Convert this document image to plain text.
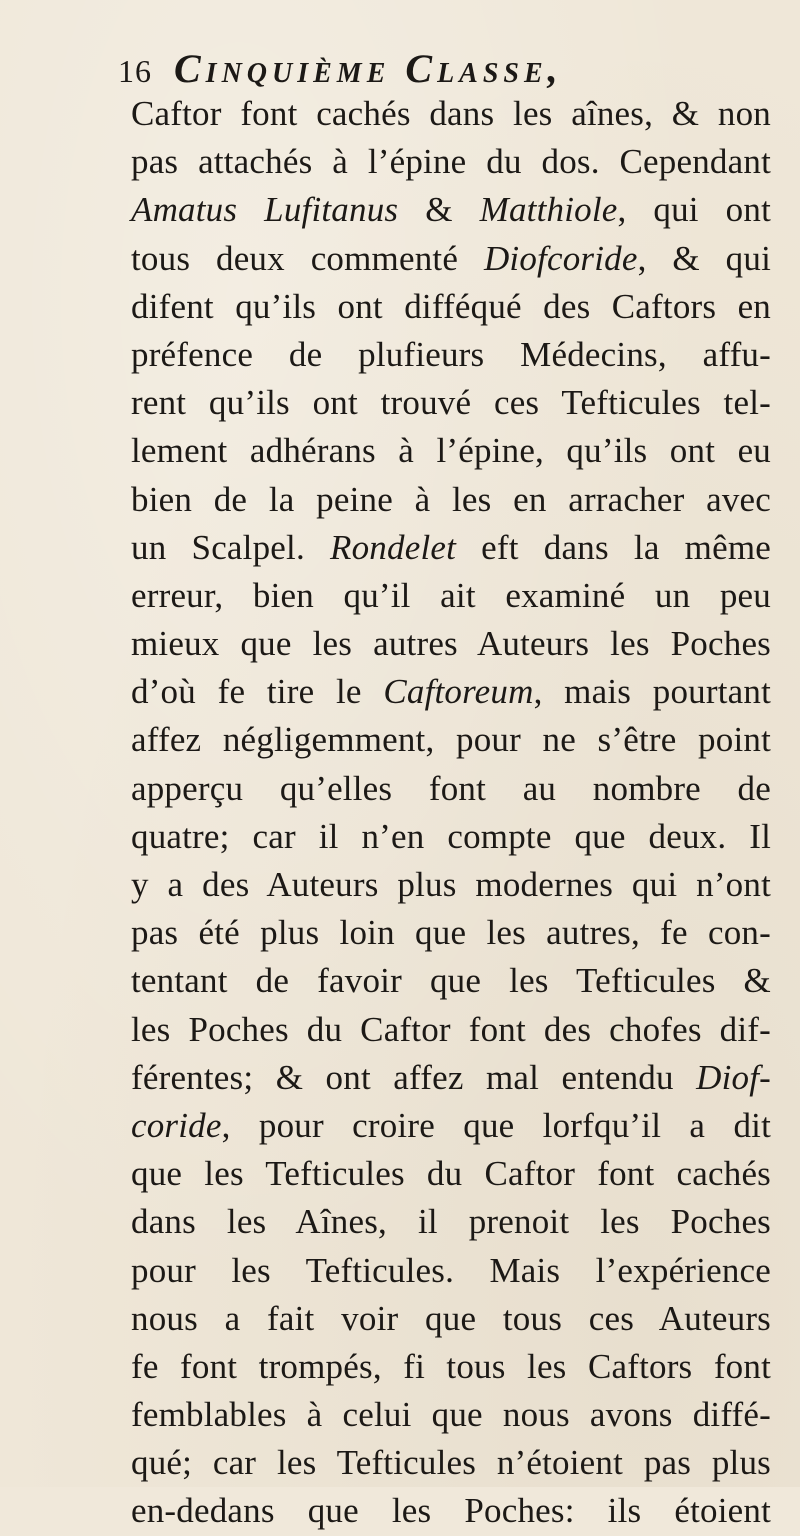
16 Cinquième Classe,
Caftor font cachés dans les aînes, & non
pas attachés à l’épine du dos. Cependant
Amatus Lufitanus & Matthiole, qui ont
tous deux commenté Diofcoride, & qui
difent qu’ils ont difféqué des Caftors en
préfence de plufieurs Médecins, affu-
rent qu’ils ont trouvé ces Tefticules tel-
lement adhérans à l’épine, qu’ils ont eu
bien de la peine à les en arracher avec
un Scalpel. Rondelet eft dans la même
erreur, bien qu’il ait examiné un peu
mieux que les autres Auteurs les Poches
d’où fe tire le Caftoreum, mais pourtant
affez négligemment, pour ne s’être point
apperçu qu’elles font au nombre de
quatre; car il n’en compte que deux. Il
y a des Auteurs plus modernes qui n’ont
pas été plus loin que les autres, fe con-
tentant de favoir que les Tefticules &
les Poches du Caftor font des chofes dif-
férentes; & ont affez mal entendu Diof-
coride, pour croire que lorfqu’il a dit
que les Tefticules du Caftor font cachés
dans les Aînes, il prenoit les Poches
pour les Tefticules. Mais l’expérience
nous a fait voir que tous ces Auteurs
fe font trompés, fi tous les Caftors font
femblables à celui que nous avons diffé-
qué; car les Tefticules n’étoient pas plus
en-dedans que les Poches: ils étoient
